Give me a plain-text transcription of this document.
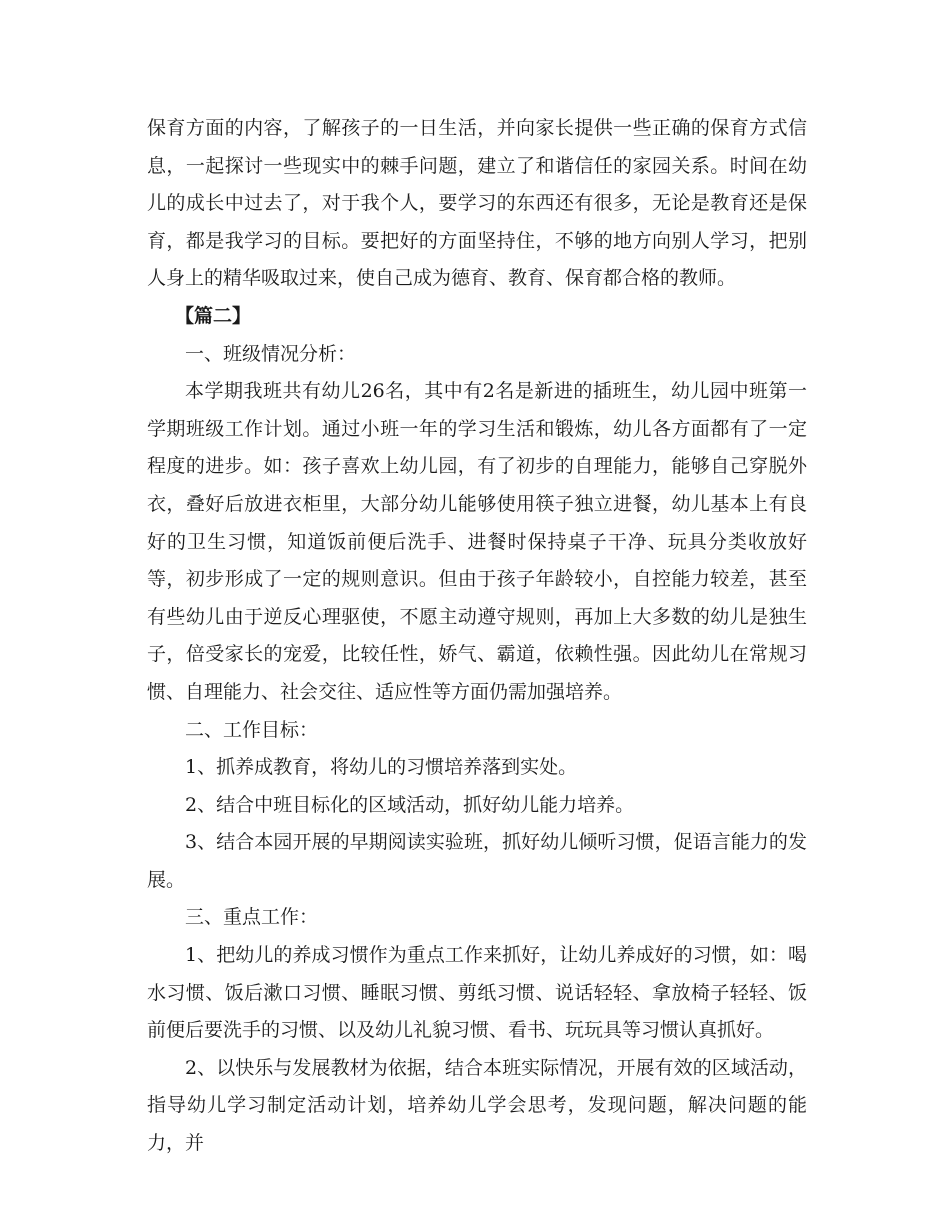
保育方面的内容，了解孩子的一日生活，并向家长提供一些正确的保育方式信息，一起探讨一些现实中的棘手问题，建立了和谐信任的家园关系。时间在幼儿的成长中过去了，对于我个人，要学习的东西还有很多，无论是教育还是保育，都是我学习的目标。要把好的方面坚持住，不够的地方向别人学习，把别人身上的精华吸取过来，使自己成为德育、教育、保育都合格的教师。

【篇二】

一、班级情况分析：

本学期我班共有幼儿26名，其中有2名是新进的插班生，幼儿园中班第一学期班级工作计划。通过小班一年的学习生活和锻炼，幼儿各方面都有了一定程度的进步。如：孩子喜欢上幼儿园，有了初步的自理能力，能够自己穿脱外衣，叠好后放进衣柜里，大部分幼儿能够使用筷子独立进餐，幼儿基本上有良好的卫生习惯，知道饭前便后洗手、进餐时保持桌子干净、玩具分类收放好等，初步形成了一定的规则意识。但由于孩子年龄较小，自控能力较差，甚至有些幼儿由于逆反心理驱使，不愿主动遵守规则，再加上大多数的幼儿是独生子，倍受家长的宠爱，比较任性，娇气、霸道，依赖性强。因此幼儿在常规习惯、自理能力、社会交往、适应性等方面仍需加强培养。

二、工作目标：

1、抓养成教育，将幼儿的习惯培养落到实处。

2、结合中班目标化的区域活动，抓好幼儿能力培养。

3、结合本园开展的早期阅读实验班，抓好幼儿倾听习惯，促语言能力的发展。

三、重点工作：

1、把幼儿的养成习惯作为重点工作来抓好，让幼儿养成好的习惯，如：喝水习惯、饭后漱口习惯、睡眠习惯、剪纸习惯、说话轻轻、拿放椅子轻轻、饭前便后要洗手的习惯、以及幼儿礼貌习惯、看书、玩玩具等习惯认真抓好。

2、以快乐与发展教材为依据，结合本班实际情况，开展有效的区域活动，指导幼儿学习制定活动计划，培养幼儿学会思考，发现问题，解决问题的能力，并
